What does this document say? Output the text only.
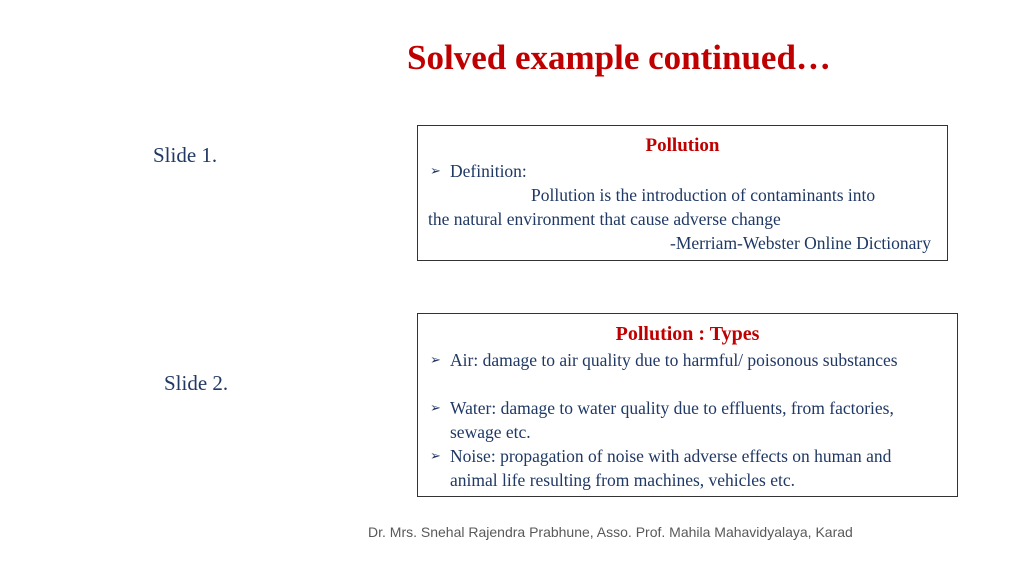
Solved example continued…
Slide 1.	Pollution
➢ Definition:
Pollution is the introduction of contaminants into
the natural environment that cause adverse change
-Merriam-Webster Online Dictionary
Slide 2.
Pollution : Types
➢ Air: damage to air quality due to harmful/ poisonous substances
➢ Water: damage to water quality due to effluents, from factories, sewage etc.
➢ Noise: propagation of noise with adverse effects on human and animal life resulting from machines, vehicles etc.
Dr. Mrs. Snehal Rajendra Prabhune, Asso. Prof. Mahila Mahavidyalaya, Karad
